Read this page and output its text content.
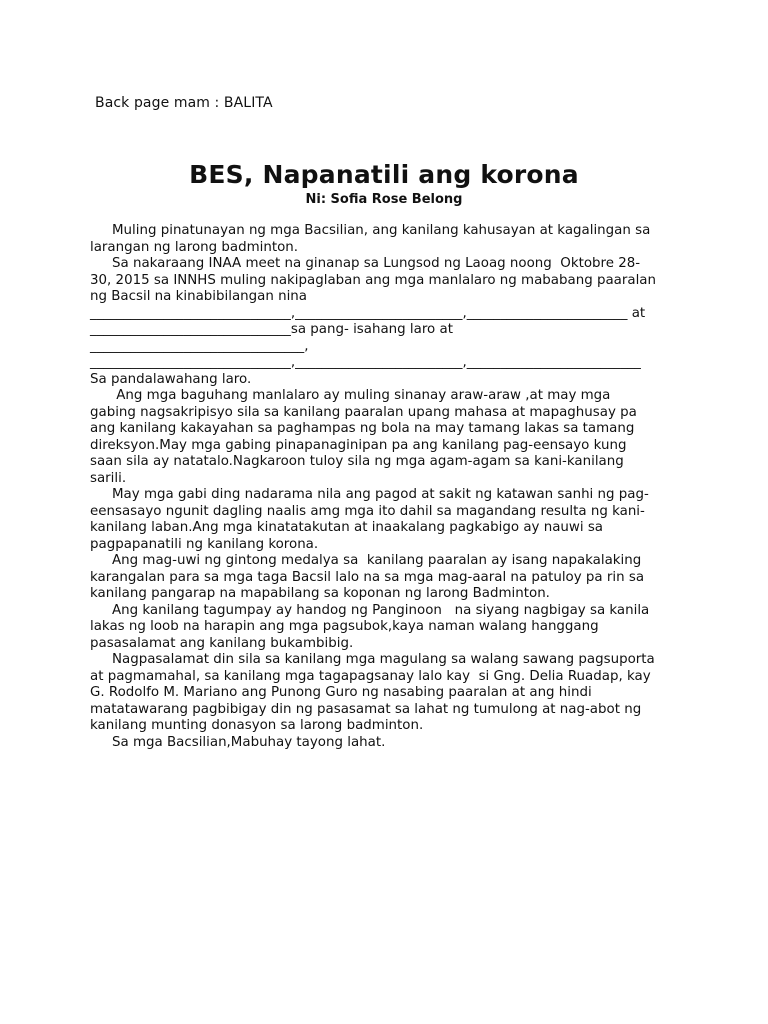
Back page mam : BALITA
BES, Napanatili ang korona
Ni: Sofia Rose Belong
Muling pinatunayan ng mga Bacsilian, ang kanilang kahusayan at kagalingan sa
larangan ng larong badminton.
Sa nakaraang INAA meet na ginanap sa Lungsod ng Laoag noong  Oktobre 28-
30, 2015 sa INNHS muling nakipaglaban ang mga manlalaro ng mababang paaralan
ng Bacsil na kinabibilangan nina
______________________________,_________________________,________________________ at
______________________________sa pang- isahang laro at
________________________________,
______________________________,_________________________,__________________________
Sa pandalawahang laro.
Ang mga baguhang manlalaro ay muling sinanay araw-araw ,at may mga
gabing nagsakripisyo sila sa kanilang paaralan upang mahasa at mapaghusay pa
ang kanilang kakayahan sa paghampas ng bola na may tamang lakas sa tamang
direksyon.May mga gabing pinapanaginipan pa ang kanilang pag-eensayo kung
saan sila ay natatalo.Nagkaroon tuloy sila ng mga agam-agam sa kani-kanilang
sarili.
May mga gabi ding nadarama nila ang pagod at sakit ng katawan sanhi ng pag-
eensasayo ngunit dagling naalis amg mga ito dahil sa magandang resulta ng kani-
kanilang laban.Ang mga kinatatakutan at inaakalang pagkabigo ay nauwi sa
pagpapanatili ng kanilang korona.
Ang mag-uwi ng gintong medalya sa  kanilang paaralan ay isang napakalaking
karangalan para sa mga taga Bacsil lalo na sa mga mag-aaral na patuloy pa rin sa
kanilang pangarap na mapabilang sa koponan ng larong Badminton.
Ang kanilang tagumpay ay handog ng Panginoon   na siyang nagbigay sa kanila
lakas ng loob na harapin ang mga pagsubok,kaya naman walang hanggang
pasasalamat ang kanilang bukambibig.
Nagpasalamat din sila sa kanilang mga magulang sa walang sawang pagsuporta
at pagmamahal, sa kanilang mga tagapagsanay lalo kay  si Gng. Delia Ruadap, kay
G. Rodolfo M. Mariano ang Punong Guro ng nasabing paaralan at ang hindi
matatawarang pagbibigay din ng pasasamat sa lahat ng tumulong at nag-abot ng
kanilang munting donasyon sa larong badminton.
Sa mga Bacsilian,Mabuhay tayong lahat.
